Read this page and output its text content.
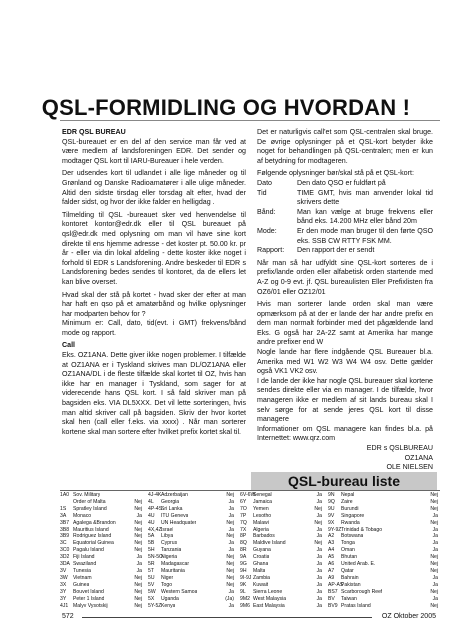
QSL-FORMIDLING OG HVORDAN !
EDR QSL BUREAU

QSL-bureauet er en del af den service man får ved at være medlem af landsforeningen EDR. Det sender og modtager QSL kort til IARU-Bureauer i hele verden.

Der udsendes kort til udlandet i alle lige måneder og til Grønland og Danske Radioamatører i alle ulige måneder. Altid den sidste tirsdag eller torsdag alt efter, hvad der falder sidst, og hvor der ikke falder en helligdag .

Tilmelding til QSL -bureauet sker ved henvendelse til kontoret kontor@edr.dk eller til QSL bureauet på qsl@edr.dk med oplysning om man vil have sine kort direkte til ens hjemme adresse - det koster pt. 50.00 kr. pr år - eller via din lokal afdeling - dette koster ikke noget i forhold til EDR s Landsforening. Andre beskeder til EDR s Landsforening bedes sendes til kontoret, da de ellers let kan blive overset.

Hvad skal der stå på kortet - hvad sker der efter at man har haft en qso på et amatørbånd og hvilke oplysninger har modparten behov for ?

Minimum er: Call, dato, tid(evt. i GMT) frekvens/bånd mode og rapport.

Call

Eks. OZ1ANA. Dette giver ikke nogen problemer. I tilfælde at OZ1ANA er i Tyskland skrives man DL/OZ1ANA eller OZ1ANA/DL i de fleste tilfælde skal kortet til OZ, hvis han ikke har en manager i Tyskland, som sager for at viderесende hans QSL kort. I så fald skriver man på bagsiden eks. VIA DL5XXX. Det vil lette sorteringen, hvis man altid skriver call på bagsiden. Skriv der hvor kortet skal hen (call eller f.eks. via xxxx) . Når man sorterer kortene skal man sortere efter hvilket prefix kortet skal til.

Det er naturligvis call'et som QSL-centralen skal bruge. De øvrige oplysninger på et QSL-kort betyder ikke noget for behandlingen på QSL-centralen; men er kun af betydning for modtageren.

Følgende oplysninger bør/skal stå på et QSL-kort:

Dato	Den dato QSO er fuldført på
Tid	TIME GMT, hvis man anvender lokal tid skrivers dette
Bånd:	Man kan vælge at bruge frekvens eller bånd eks. 14.200 MHz eller bånd 20m
Mode:	Er den mode man bruger til den førte QSO eks. SSB CW RTTY FSK MM.
Rapport:	Den rapport der er sendt

Når man så har udfyldt sine QSL-kort sorteres de i prefix/lande orden eller alfabetisk orden startende med A-Z og 0-9 evt. jf. QSL bureaulisten Eller Prefixlisten fra OZ6/01 eller OZ12/01

Hvis man sorterer lande orden skal man være opmærksom på at der er lande der har andre prefix en dem man normalt forbinder med det pågældende land Eks. G også har 2A-2Z samt at Amerika har mange andre prefixer end W

Nogle lande har flere indgående QSL Bureauer bl.a. Amerika med W1 W2 W3 W4 W4 osv. Dette gælder også VK1 VK2 osv.

I de lande der ikke har nogle QSL bureauer skal kortene sendes direkte eller via en manager. I de tilfælde, hvor manageren ikke er medlem af sit lands bureau skal I selv sørge for at sende jeres QSL kort til disse managere

Informationer om QSL managere kan findes bl.a. på Internettet: www.qrz.com

EDR s QSLBUREAU
OZ1ANA
OLE NIELSEN
QSL-bureau liste
1A0 Sov. Military
Order of Malta	Nej
1S	Spratley Island	Nej
3A	Monaco	Ja
3B7 Agalega &Brandon	Nej
3B8 Mauritius Island	Nej
3B9 Rodriguez Island	Nej
3C	Equatorial Guinea	Nej
3C0 Pagalu Island	Nej
3D2 Fiji Island	Ja
3DA Swaziland	Ja
3V	Tunesia	Ja
3W	Vietnam	Nej
3X	Guinea	Nej
3Y	Bouvet Island	Nej
3Y	Peter 1 Island	Nej
4J1 Malyv Vysotskij	Nej
4J-4K Adzerbaijan	Nej
4L	Georgia	Ja
4P-4S
Sri Lanka	Ja
4U	ITU Geneva	Ja
4U	UN Headquater	Nej
4X,4Z Israel	Ja
5A	Libya	Nej
5B	Cyprus	Ja
5H	Tanzania	Ja
5N-5O
Nigeria	Nej
5R	Madagascar	Nej
5T	Mauritania	Nej
5U	Niger	Nej
5V	Togo	Nej
5W	Western Samoa	Ja
5X	Uganda	(Ja)
5Y-5Z Kenya	Ja
6V-6W
Senegal	Ja
6Y	Jamaica	Ja
7O	Yemen	Nej
7P	Lesotho	Ja
7Q	Malawi	Nej
7X	Algeria	Ja
8P	Barbados	Ja
8Q	Maldive Island	Nej
8R	Guyana	Ja
9A	Croatia	Ja
9G	Ghana	Ja
9H	Malta	Ja
9I-9J Zambia	Ja
9K	Kuwait	Ja
9L	Sierra Leone	Ja
9M2 West Malaysia	Ja
9M6 East Malaysia	Ja
9N	Nepal	Nej
9Q	Zaire	Nej
9U	Burundi	Nej
9V	Singapore	Ja
9X	Rwanda	Nej
9Y-9Z Trinidad & Tobago	Ja
A2	Botswana	Ja
A3	Tonga	Ja
A4	Oman	Ja
A5	Bhutan	Nej
A6	United Arab. E.	Nej
A7	Qatar	Nej
A9	Bahrain	Ja
AP-AS
Pakistan	Ja
BS7 Scarborough Reef	Nej
BV	Taiwan	Ja
BV9 Pratas Island	Nej
572	OZ Oktober 2005
